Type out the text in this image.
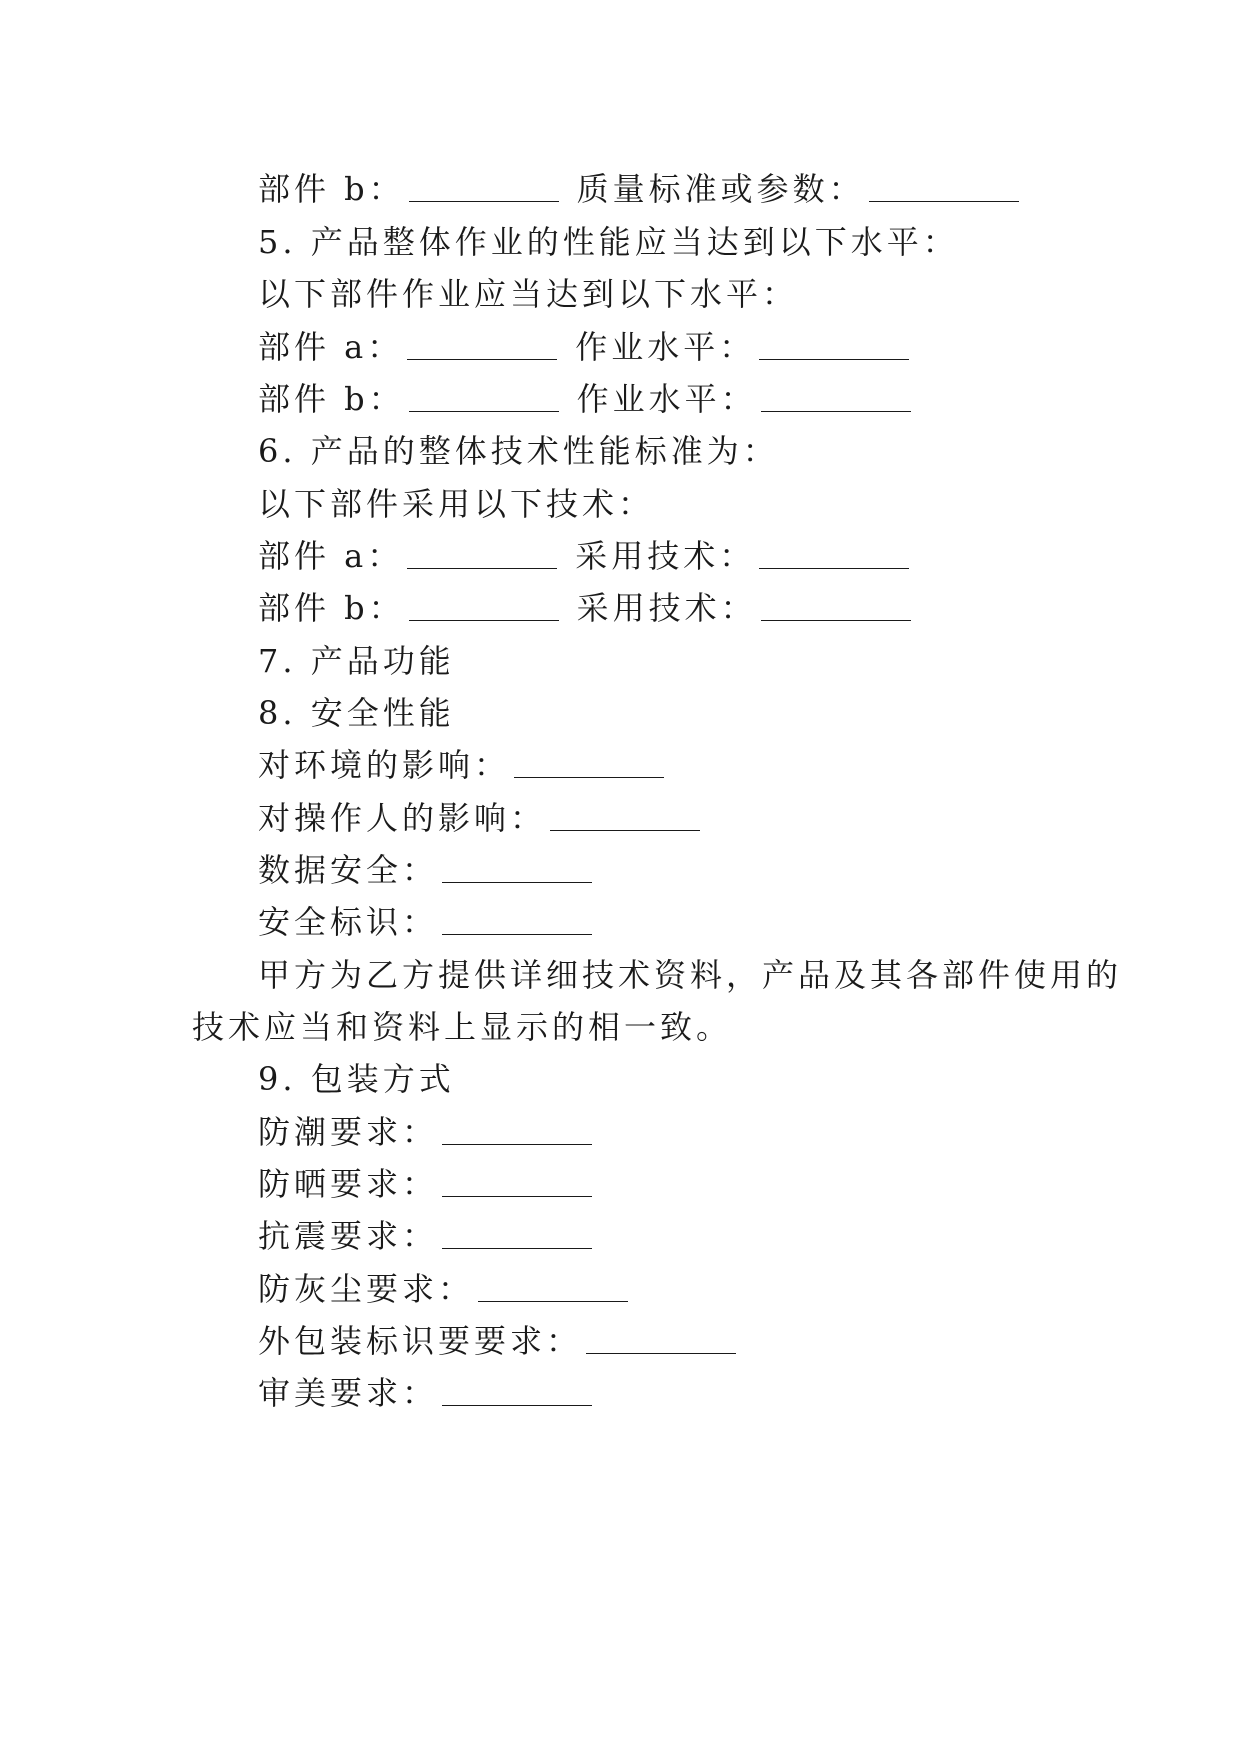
部件 b：	质量标准或参数：
5. 产品整体作业的性能应当达到以下水平：
以下部件作业应当达到以下水平：
部件 a：	作业水平：
部件 b：	作业水平：
6. 产品的整体技术性能标准为：
以下部件采用以下技术：
部件 a：	采用技术：
部件 b：	采用技术：
7. 产品功能
8. 安全性能
对环境的影响：
对操作人的影响：
数据安全：
安全标识：
甲方为乙方提供详细技术资料，产品及其各部件使用的
技术应当和资料上显示的相一致。
9. 包装方式
防潮要求：
防晒要求：
抗震要求：
防灰尘要求：
外包装标识要要求：
审美要求：
